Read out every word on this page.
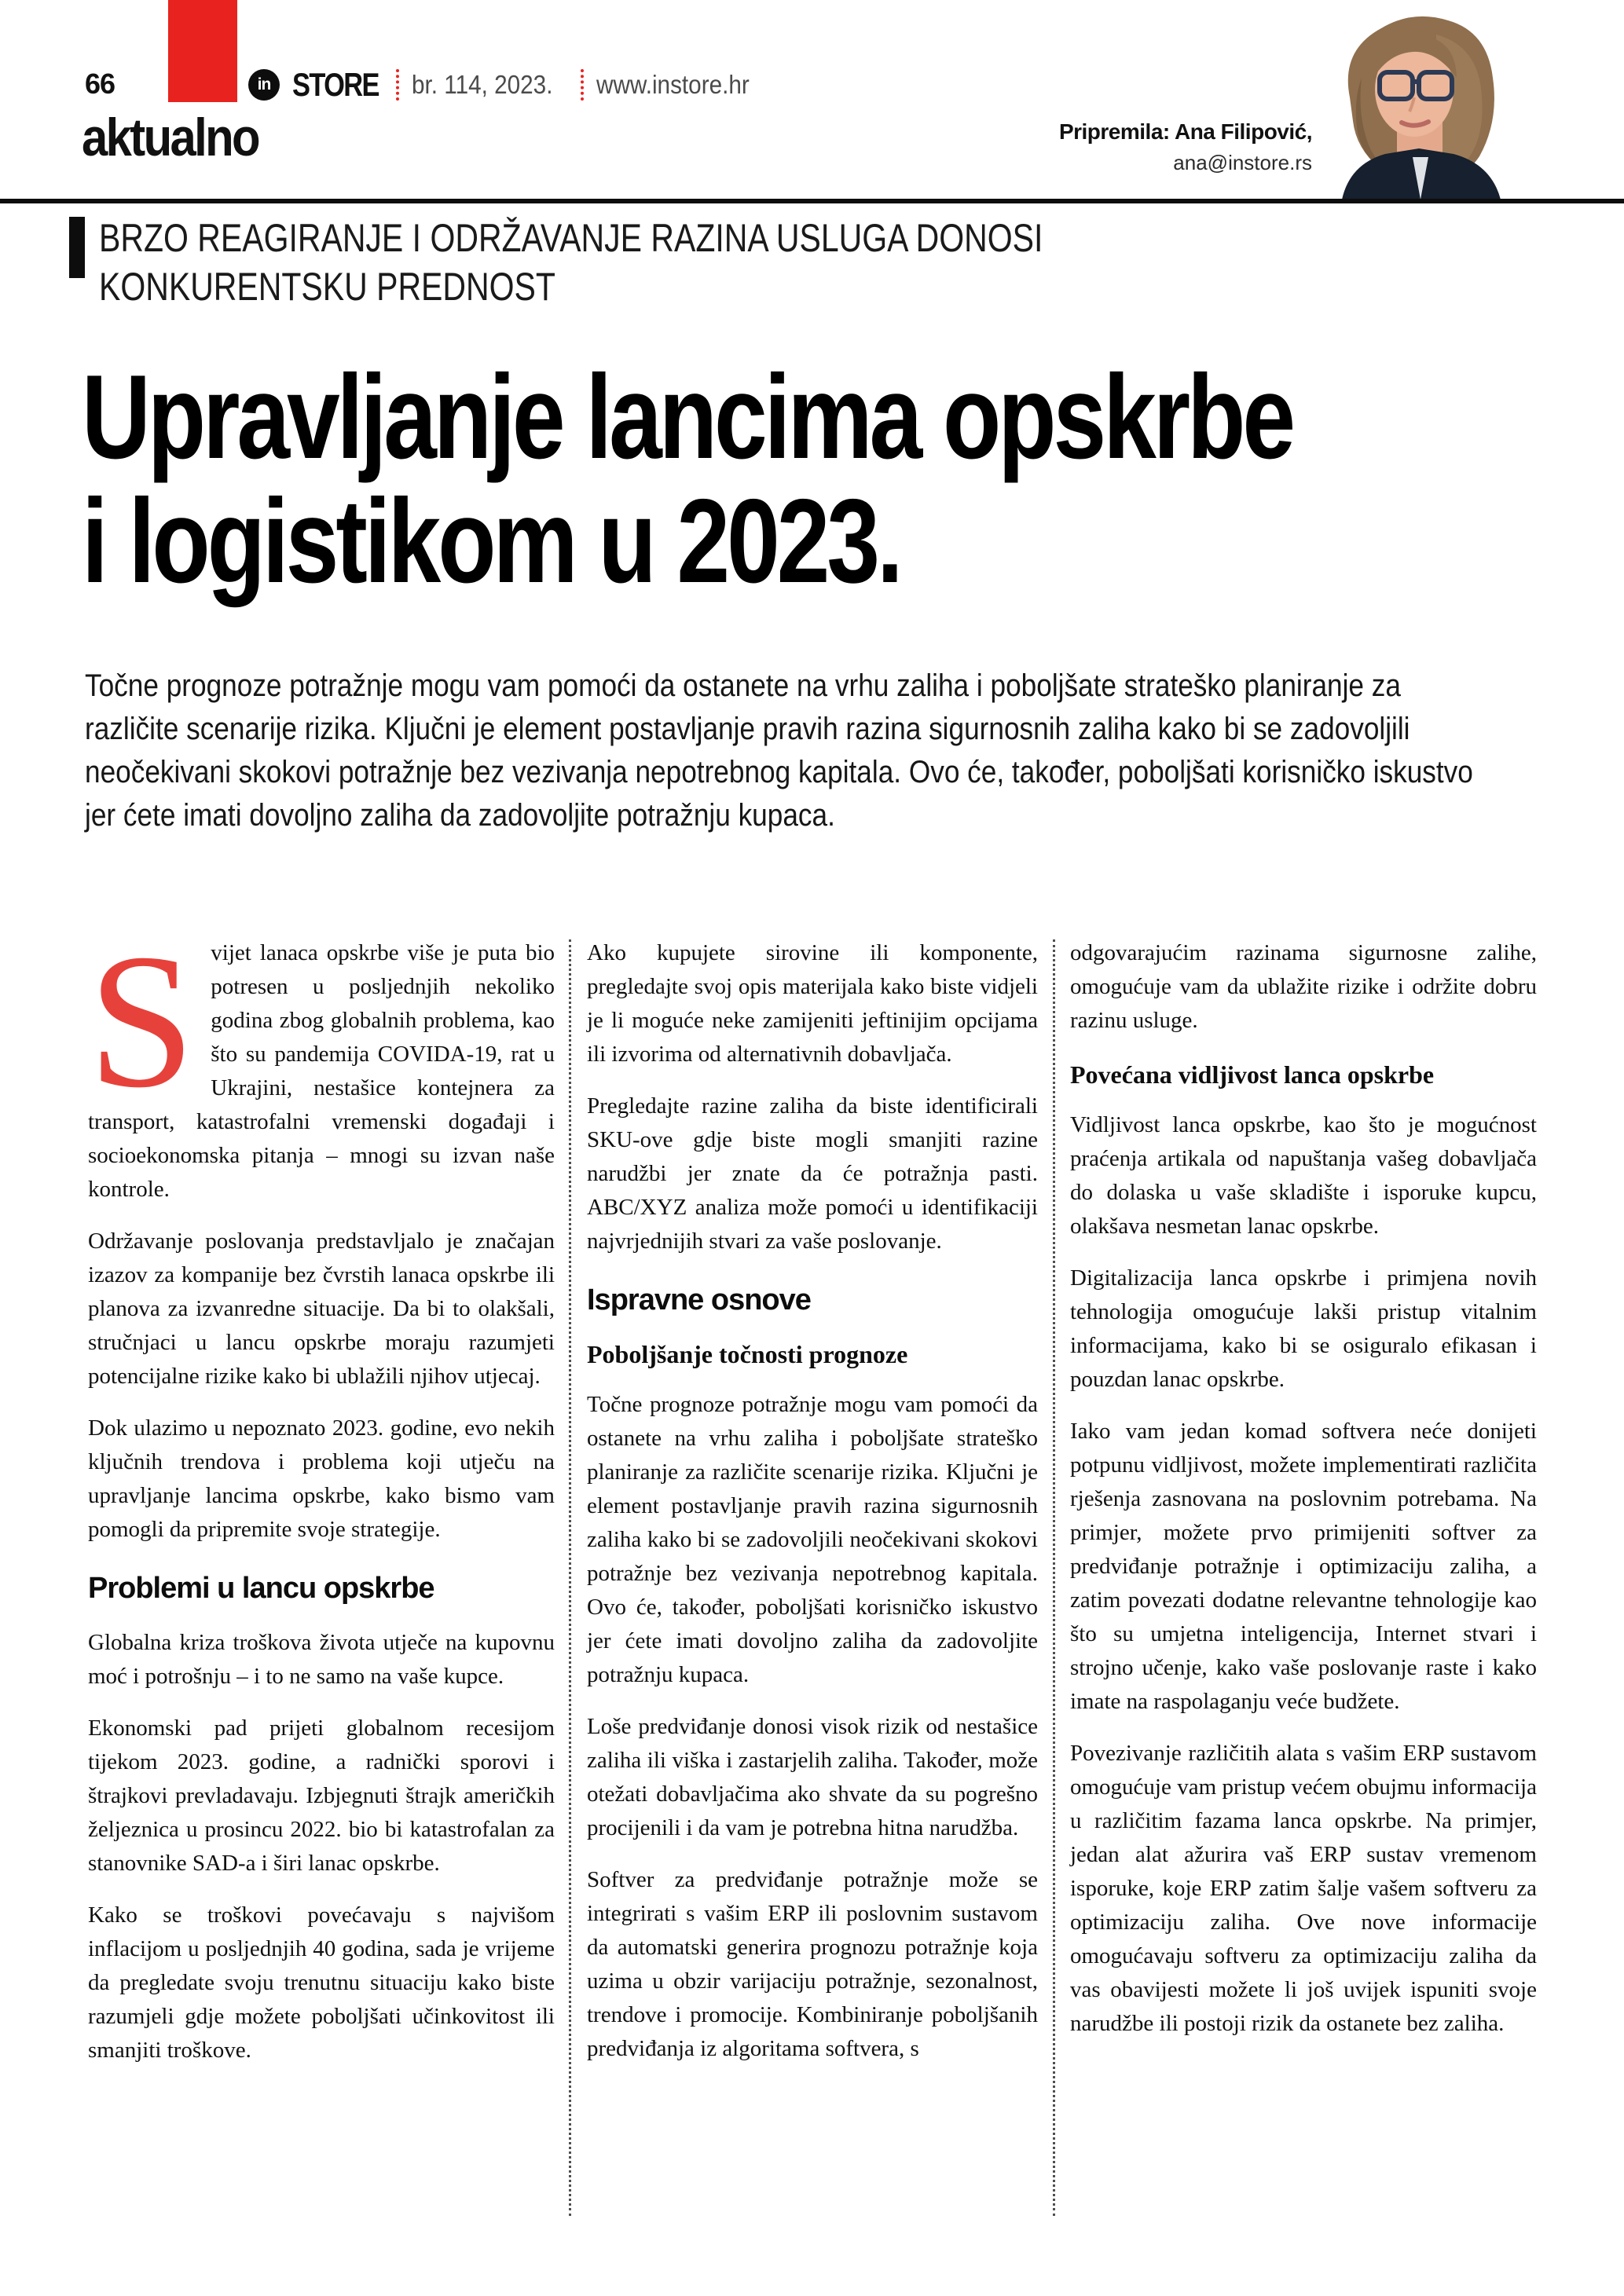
66	in STORE br. 114, 2023. www.instore.hr
aktualno	Pripremila: Ana Filipović,
ana@instore.rs
BRZO REAGIRANJE I ODRŽAVANJE RAZINA USLUGA DONOSI
KONKURENTSKU PREDNOST
Upravljanje lancima opskrbe
i logistikom u 2023.
Točne prognoze potražnje mogu vam pomoći da ostanete na vrhu zaliha i poboljšate strateško planiranje za različite scenarije rizika. Ključni je element postavljanje pravih razina sigurnosnih zaliha kako bi se zadovoljili neočekivani skokovi potražnje bez vezivanja nepotrebnog kapitala. Ovo će, također, poboljšati korisničko iskustvo jer ćete imati dovoljno zaliha da zadovoljite potražnju kupaca.

Svijet lanaca opskrbe više je puta bio potresen u posljednjih nekoliko godina zbog globalnih problema, kao što su pandemija COVIDA-19, rat u Ukrajini, nestašice kontejnera za transport, katastrofalni vremenski događaji i socioekonomska pitanja – mnogi su izvan naše kontrole.

Održavanje poslovanja predstavljalo je značajan izazov za kompanije bez čvrstih lanaca opskrbe ili planova za izvanredne situacije. Da bi to olakšali, stručnjaci u lancu opskrbe moraju razumjeti potencijalne rizike kako bi ublažili njihov utjecaj.

Dok ulazimo u nepoznato 2023. godine, evo nekih ključnih trendova i problema koji utječu na upravljanje lancima opskrbe, kako bismo vam pomogli da pripremite svoje strategije.

Problemi u lancu opskrbe

Globalna kriza troškova života utječe na kupovnu moć i potrošnju – i to ne samo na vaše kupce.

Ekonomski pad prijeti globalnom recesijom tijekom 2023. godine, a radnički sporovi i štrajkovi prevladavaju. Izbjegnuti štrajk američkih željeznica u prosincu 2022. bio bi katastrofalan za stanovnike SAD-a i širi lanac opskrbe.

Kako se troškovi povećavaju s najvišom inflacijom u posljednjih 40 godina, sada je vrijeme da pregledate svoju trenutnu situaciju kako biste razumjeli gdje možete poboljšati učinkovitost ili smanjiti troškove.

Ako kupujete sirovine ili komponente, pregledajte svoj opis materijala kako biste vidjeli je li moguće neke zamijeniti jeftinijim opcijama ili izvorima od alternativnih dobavljača.

Pregledajte razine zaliha da biste identificirali SKU-ove gdje biste mogli smanjiti razine narudžbi jer znate da će potražnja pasti. ABC/XYZ analiza može pomoći u identifikaciji najvrjednijih stvari za vaše poslovanje.

Ispravne osnove
Poboljšanje točnosti prognoze

Točne prognoze potražnje mogu vam pomoći da ostanete na vrhu zaliha i poboljšate strateško planiranje za različite scenarije rizika. Ključni je element postavljanje pravih razina sigurnosnih zaliha kako bi se zadovoljili neočekivani skokovi potražnje bez vezivanja nepotrebnog kapitala. Ovo će, također, poboljšati korisničko iskustvo jer ćete imati dovoljno zaliha da zadovoljite potražnju kupaca.

Loše predviđanje donosi visok rizik od nestašice zaliha ili viška i zastarjelih zaliha. Također, može otežati dobavljačima ako shvate da su pogrešno procijenili i da vam je potrebna hitna narudžba.

Softver za predviđanje potražnje može se integrirati s vašim ERP ili poslovnim sustavom da automatski generira prognozu potražnje koja uzima u obzir varijaciju potražnje, sezonalnost, trendove i promocije. Kombiniranje poboljšanih predviđanja iz algoritama softvera, s

odgovarajućim razinama sigurnosne zalihe, omogućuje vam da ublažite rizike i održite dobru razinu usluge.

Povećana vidljivost lanca opskrbe

Vidljivost lanca opskrbe, kao što je mogućnost praćenja artikala od napuštanja vašeg dobavljača do dolaska u vaše skladište i isporuke kupcu, olakšava nesmetan lanac opskrbe.

Digitalizacija lanca opskrbe i primjena novih tehnologija omogućuje lakši pristup vitalnim informacijama, kako bi se osiguralo efikasan i pouzdan lanac opskrbe.

Iako vam jedan komad softvera neće donijeti potpunu vidljivost, možete implementirati različita rješenja zasnovana na poslovnim potrebama. Na primjer, možete prvo primijeniti softver za predviđanje potražnje i optimizaciju zaliha, a zatim povezati dodatne relevantne tehnologije kao što su umjetna inteligencija, Internet stvari i strojno učenje, kako vaše poslovanje raste i kako imate na raspolaganju veće budžete.

Povezivanje različitih alata s vašim ERP sustavom omogućuje vam pristup većem obujmu informacija u različitim fazama lanca opskrbe. Na primjer, jedan alat ažurira vaš ERP sustav vremenom isporuke, koje ERP zatim šalje vašem softveru za optimizaciju zaliha. Ove nove informacije omogućavaju softveru za optimizaciju zaliha da vas obavijesti možete li još uvijek ispuniti svoje narudžbe ili postoji rizik da ostanete bez zaliha.
